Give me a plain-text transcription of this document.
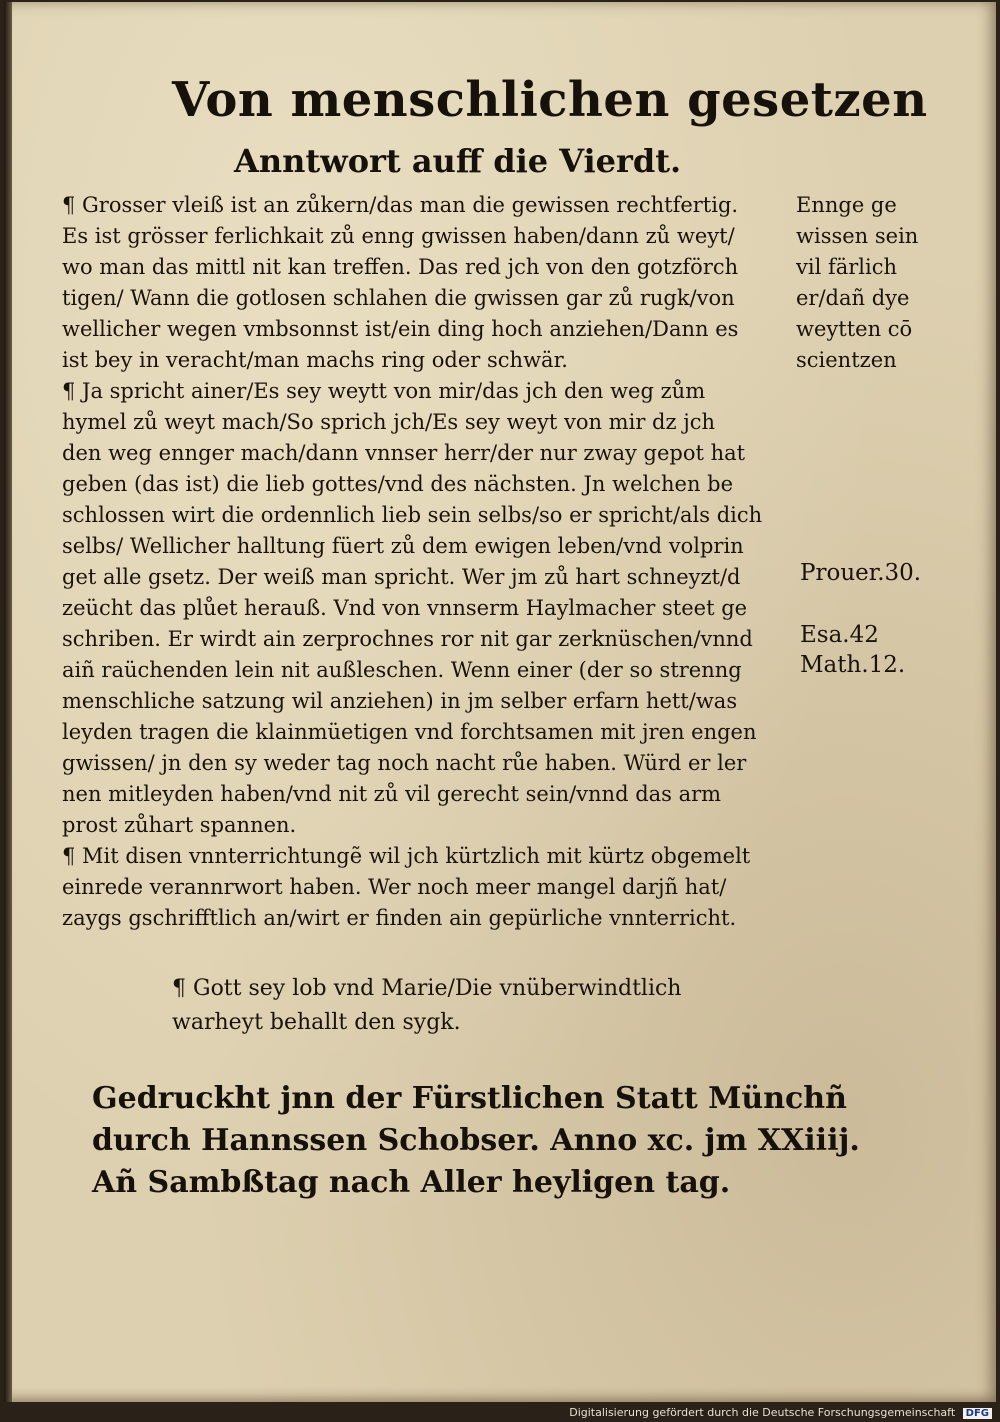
Von menschlichen gesetzen
Anntwort auff die Vierdt.
¶ Grosser vleiß ist an zůkern/das man die gewissen rechtfertig.
Es ist grösser ferlichkait zů enng gwissen haben/dann zů weyt/
wo man das mittl nit kan treffen. Das red jch von den gotzförch
tigen/ Wann die gotlosen schlahen die gwissen gar zů rugk/von
wellicher wegen vmbsonnst ist/ein ding hoch anziehen/Dann es
ist bey in veracht/man machs ring oder schwär.
¶ Ja spricht ainer/Es sey weytt von mir/das jch den weg zům
hymel zů weyt mach/So sprich jch/Es sey weyt von mir dz jch
den weg ennger mach/dann vnnser herr/der nur zway gepot hat
geben (das ist) die lieb gottes/vnd des nächsten. Jn welchen be
schlossen wirt die ordennlich lieb sein selbs/so er spricht/als dich
selbs/ Wellicher halltung füert zů dem ewigen leben/vnd volprin
get alle gsetz. Der weiß man spricht. Wer jm zů hart schneyzt/d
zeücht das plůet herauß. Vnd von vnnserm Haylmacher steet ge
schriben. Er wirdt ain zerprochnes ror nit gar zerknüschen/vnnd
aiñ raüchenden lein nit außleschen. Wenn einer (der so strenng
menschliche satzung wil anziehen) in jm selber erfarn hett/was
leyden tragen die klainmüetigen vnd forchtsamen mit jren engen
gwissen/ jn den sy weder tag noch nacht růe haben. Würd er ler
nen mitleyden haben/vnd nit zů vil gerecht sein/vnnd das arm
prost zůhart spannen.
¶ Mit disen vnnterrichtungẽ wil jch kürtzlich mit kürtz obgemelt
einrede verannrwort haben. Wer noch meer mangel darjñ hat/
zaygs gschrifftlich an/wirt er finden ain gepürliche vnnterricht.
Ennge ge
wissen sein
vil färlich
er/dañ dye
weytten cō
scientzen
Prouer.30.
Esa.42
Math.12.
¶ Gott sey lob vnd Marie/Die vnüberwindtlich
warheyt behallt den sygk.
Gedruckht jnn der Fürstlichen Statt Münchñ
durch Hannssen Schobser. Anno xc. jm XXiiij.
Añ Sambßtag nach Aller heyligen tag.
Digitalisierung gefördert durch die Deutsche Forschungsgemeinschaft DFG
